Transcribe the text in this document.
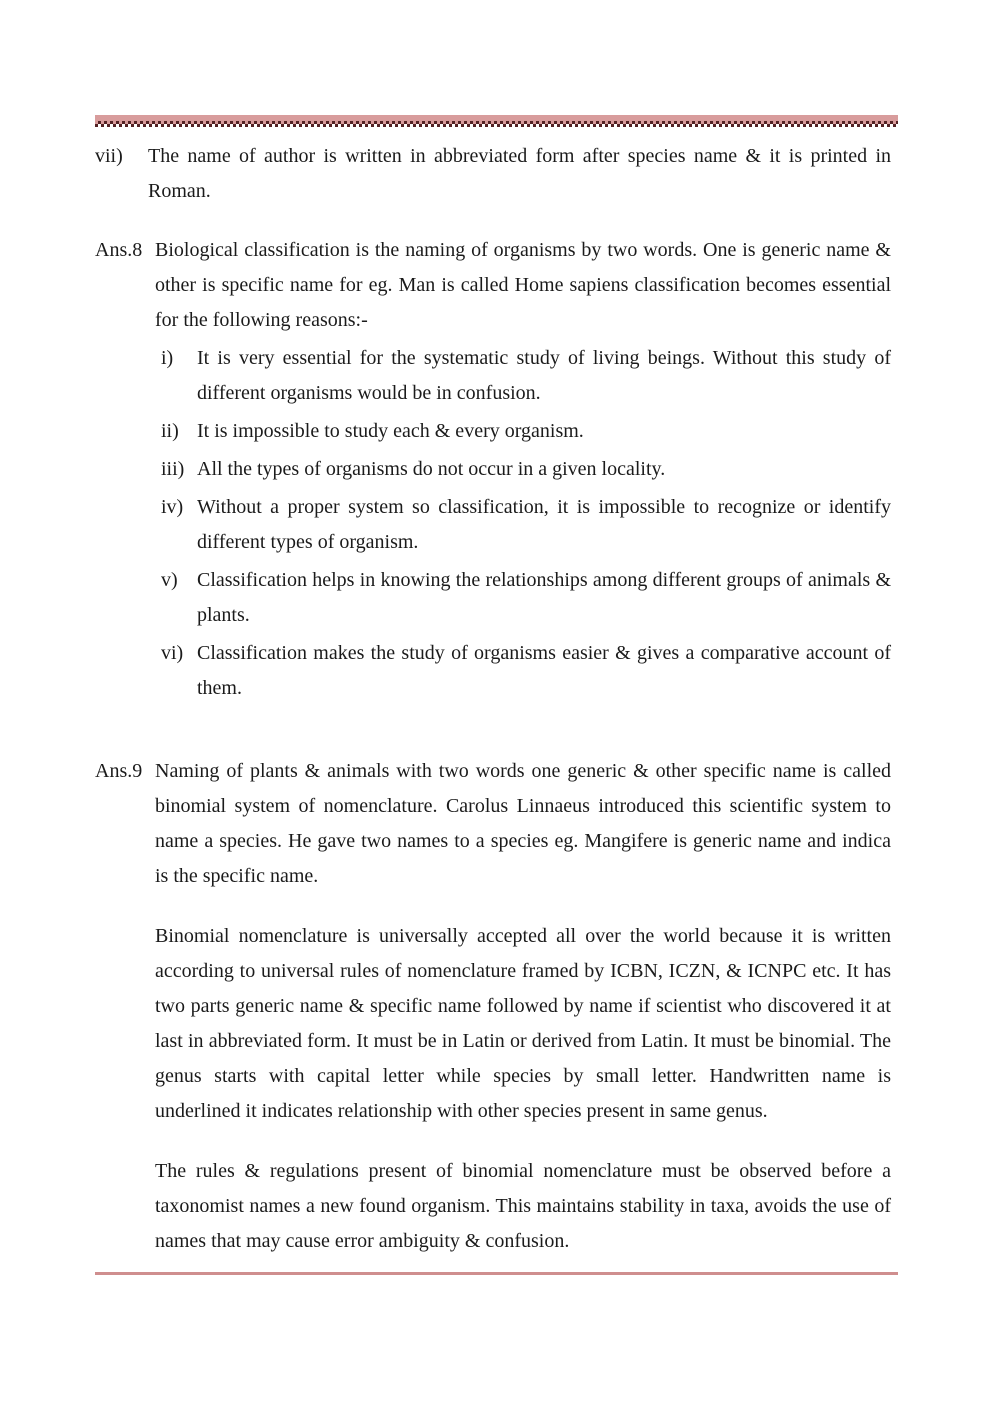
vii)	The name of author is written in abbreviated form after species name & it is printed in Roman.
Ans.8 Biological classification is the naming of organisms by two words. One is generic name & other is specific name for eg. Man is called Home sapiens classification becomes essential for the following reasons:-
i)	It is very essential for the systematic study of living beings. Without this study of different organisms would be in confusion.
ii) It is impossible to study each & every organism.
iii) All the types of organisms do not occur in a given locality.
iv) Without a proper system so classification, it is impossible to recognize or identify different types of organism.
v) Classification helps in knowing the relationships among different groups of animals & plants.
vi) Classification makes the study of organisms easier & gives a comparative account of them.
Ans.9 Naming of plants & animals with two words one generic & other specific name is called binomial system of nomenclature. Carolus Linnaeus introduced this scientific system to name a species. He gave two names to a species eg. Mangifere is generic name and indica is the specific name.
Binomial nomenclature is universally accepted all over the world because it is written according to universal rules of nomenclature framed by ICBN, ICZN, & ICNPC etc. It has two parts generic name & specific name followed by name if scientist who discovered it at last in abbreviated form. It must be in Latin or derived from Latin. It must be binomial. The genus starts with capital letter while species by small letter. Handwritten name is underlined it indicates relationship with other species present in same genus.
The rules & regulations present of binomial nomenclature must be observed before a taxonomist names a new found organism. This maintains stability in taxa, avoids the use of names that may cause error ambiguity & confusion.
